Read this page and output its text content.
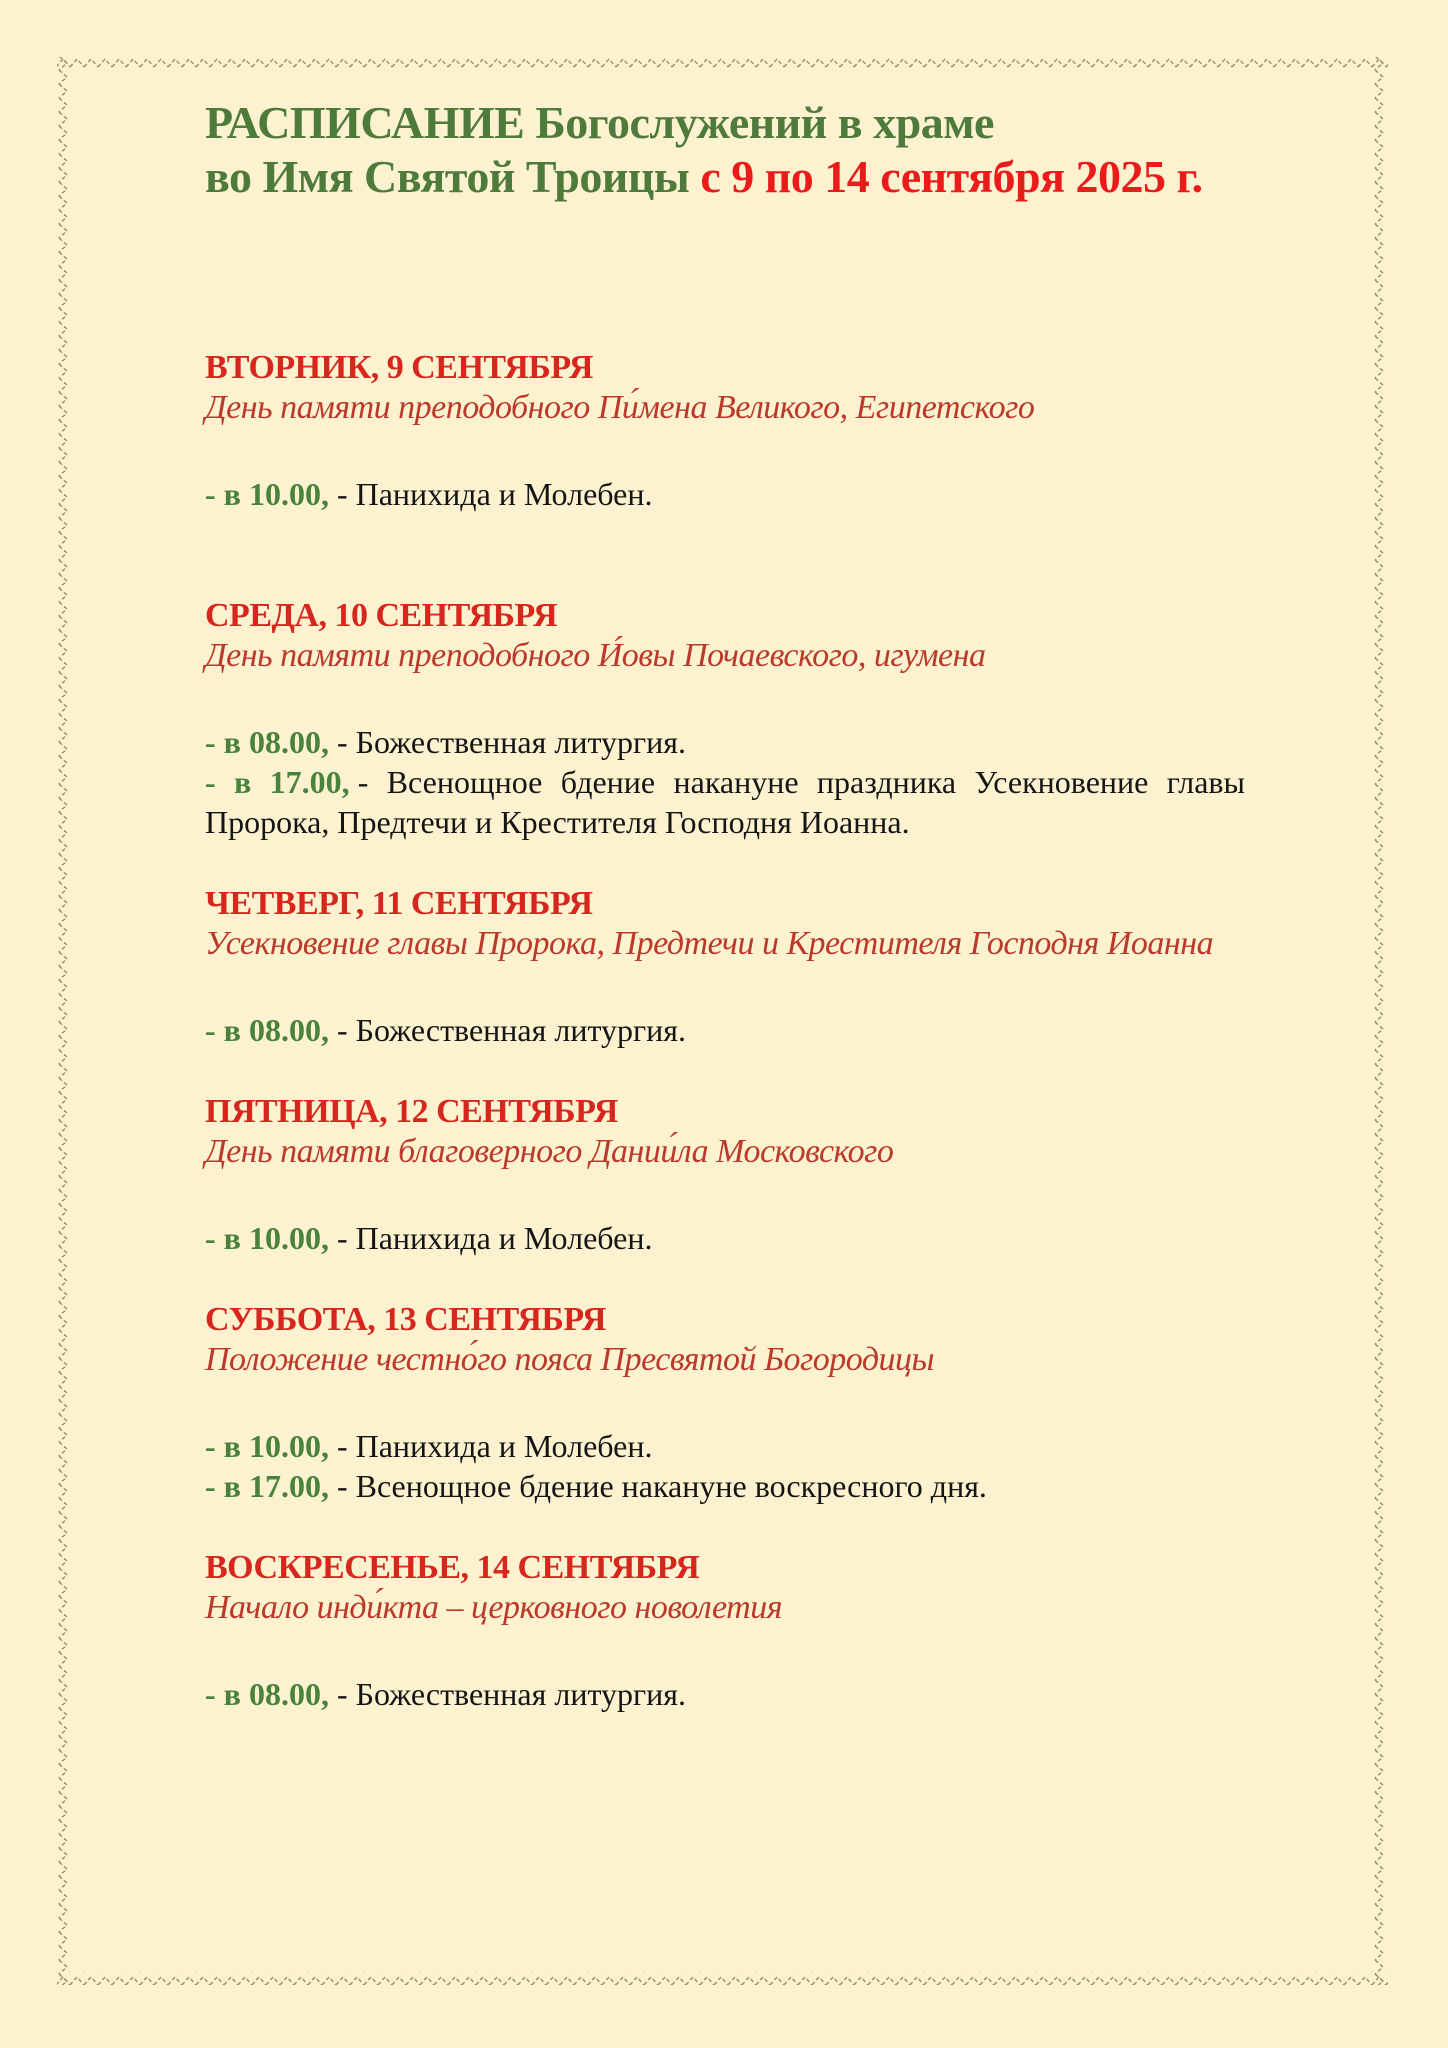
РАСПИСАНИЕ Богослужений в храме
во Имя Святой Троицы с 9 по 14 сентября 2025 г.

ВТОРНИК, 9 СЕНТЯБРЯ

День памяти преподобного Пи́мена Великого, Египетского

- в 10.00, - Панихида и Молебен.

СРЕДА, 10 СЕНТЯБРЯ

День памяти преподобного И́овы Почаевского, игумена

- в 08.00, - Божественная литургия.

- в 17.00, - Всенощное бдение накануне праздника Усекновение главы Пророка, Предтечи и Крестителя Господня Иоанна.

ЧЕТВЕРГ, 11 СЕНТЯБРЯ

Усекновение главы Пророка, Предтечи и Крестителя Господня Иоанна

- в 08.00, - Божественная литургия.

ПЯТНИЦА, 12 СЕНТЯБРЯ

День памяти благоверного Дании́ла Московского

- в 10.00, - Панихида и Молебен.

СУББОТА, 13 СЕНТЯБРЯ

Положение честно́го пояса Пресвятой Богородицы

- в 10.00, - Панихида и Молебен.

- в 17.00, - Всенощное бдение накануне воскресного дня.

ВОСКРЕСЕНЬЕ, 14 СЕНТЯБРЯ

Начало инди́кта – церковного новолетия

- в 08.00, - Божественная литургия.
